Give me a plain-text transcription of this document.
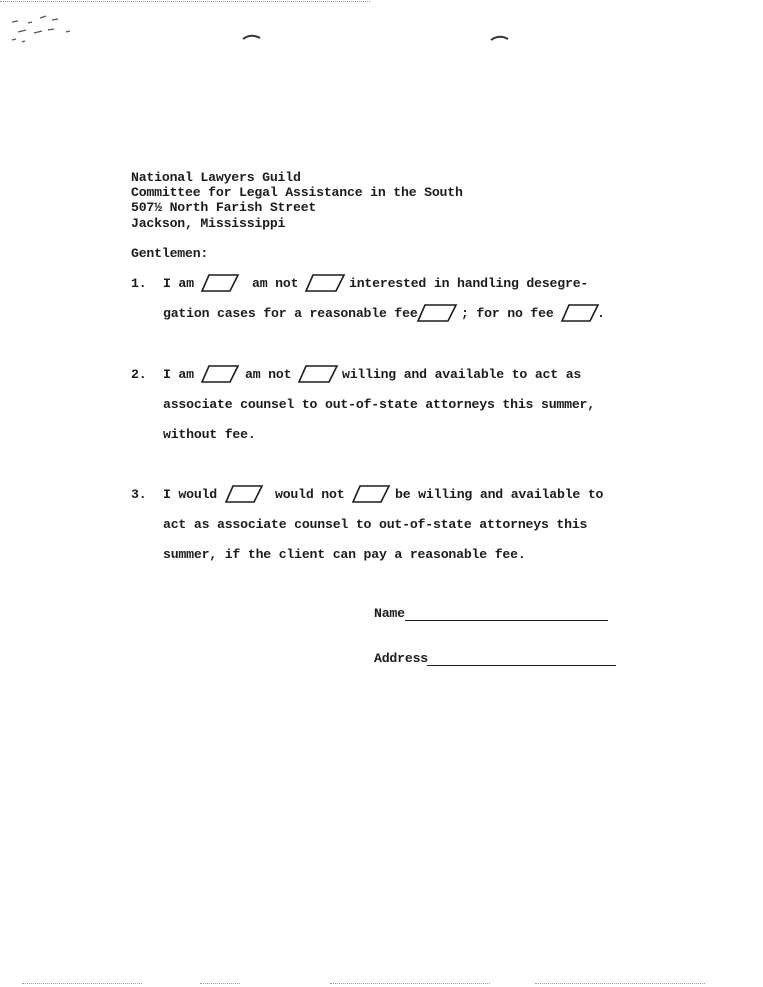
National Lawyers Guild
Committee for Legal Assistance in the South
507½ North Farish Street
Jackson, Mississippi
Gentlemen:
1. I am	am not	interested in handling desegre-
gation cases for a reasonable fee	; for no fee	.
2. I am	am not	willing and available to act as
associate counsel to out-of-state attorneys this summer,
without fee.
3. I would	would not	be willing and available to
act as associate counsel to out-of-state attorneys this
summer, if the client can pay a reasonable fee.
Name
Address
